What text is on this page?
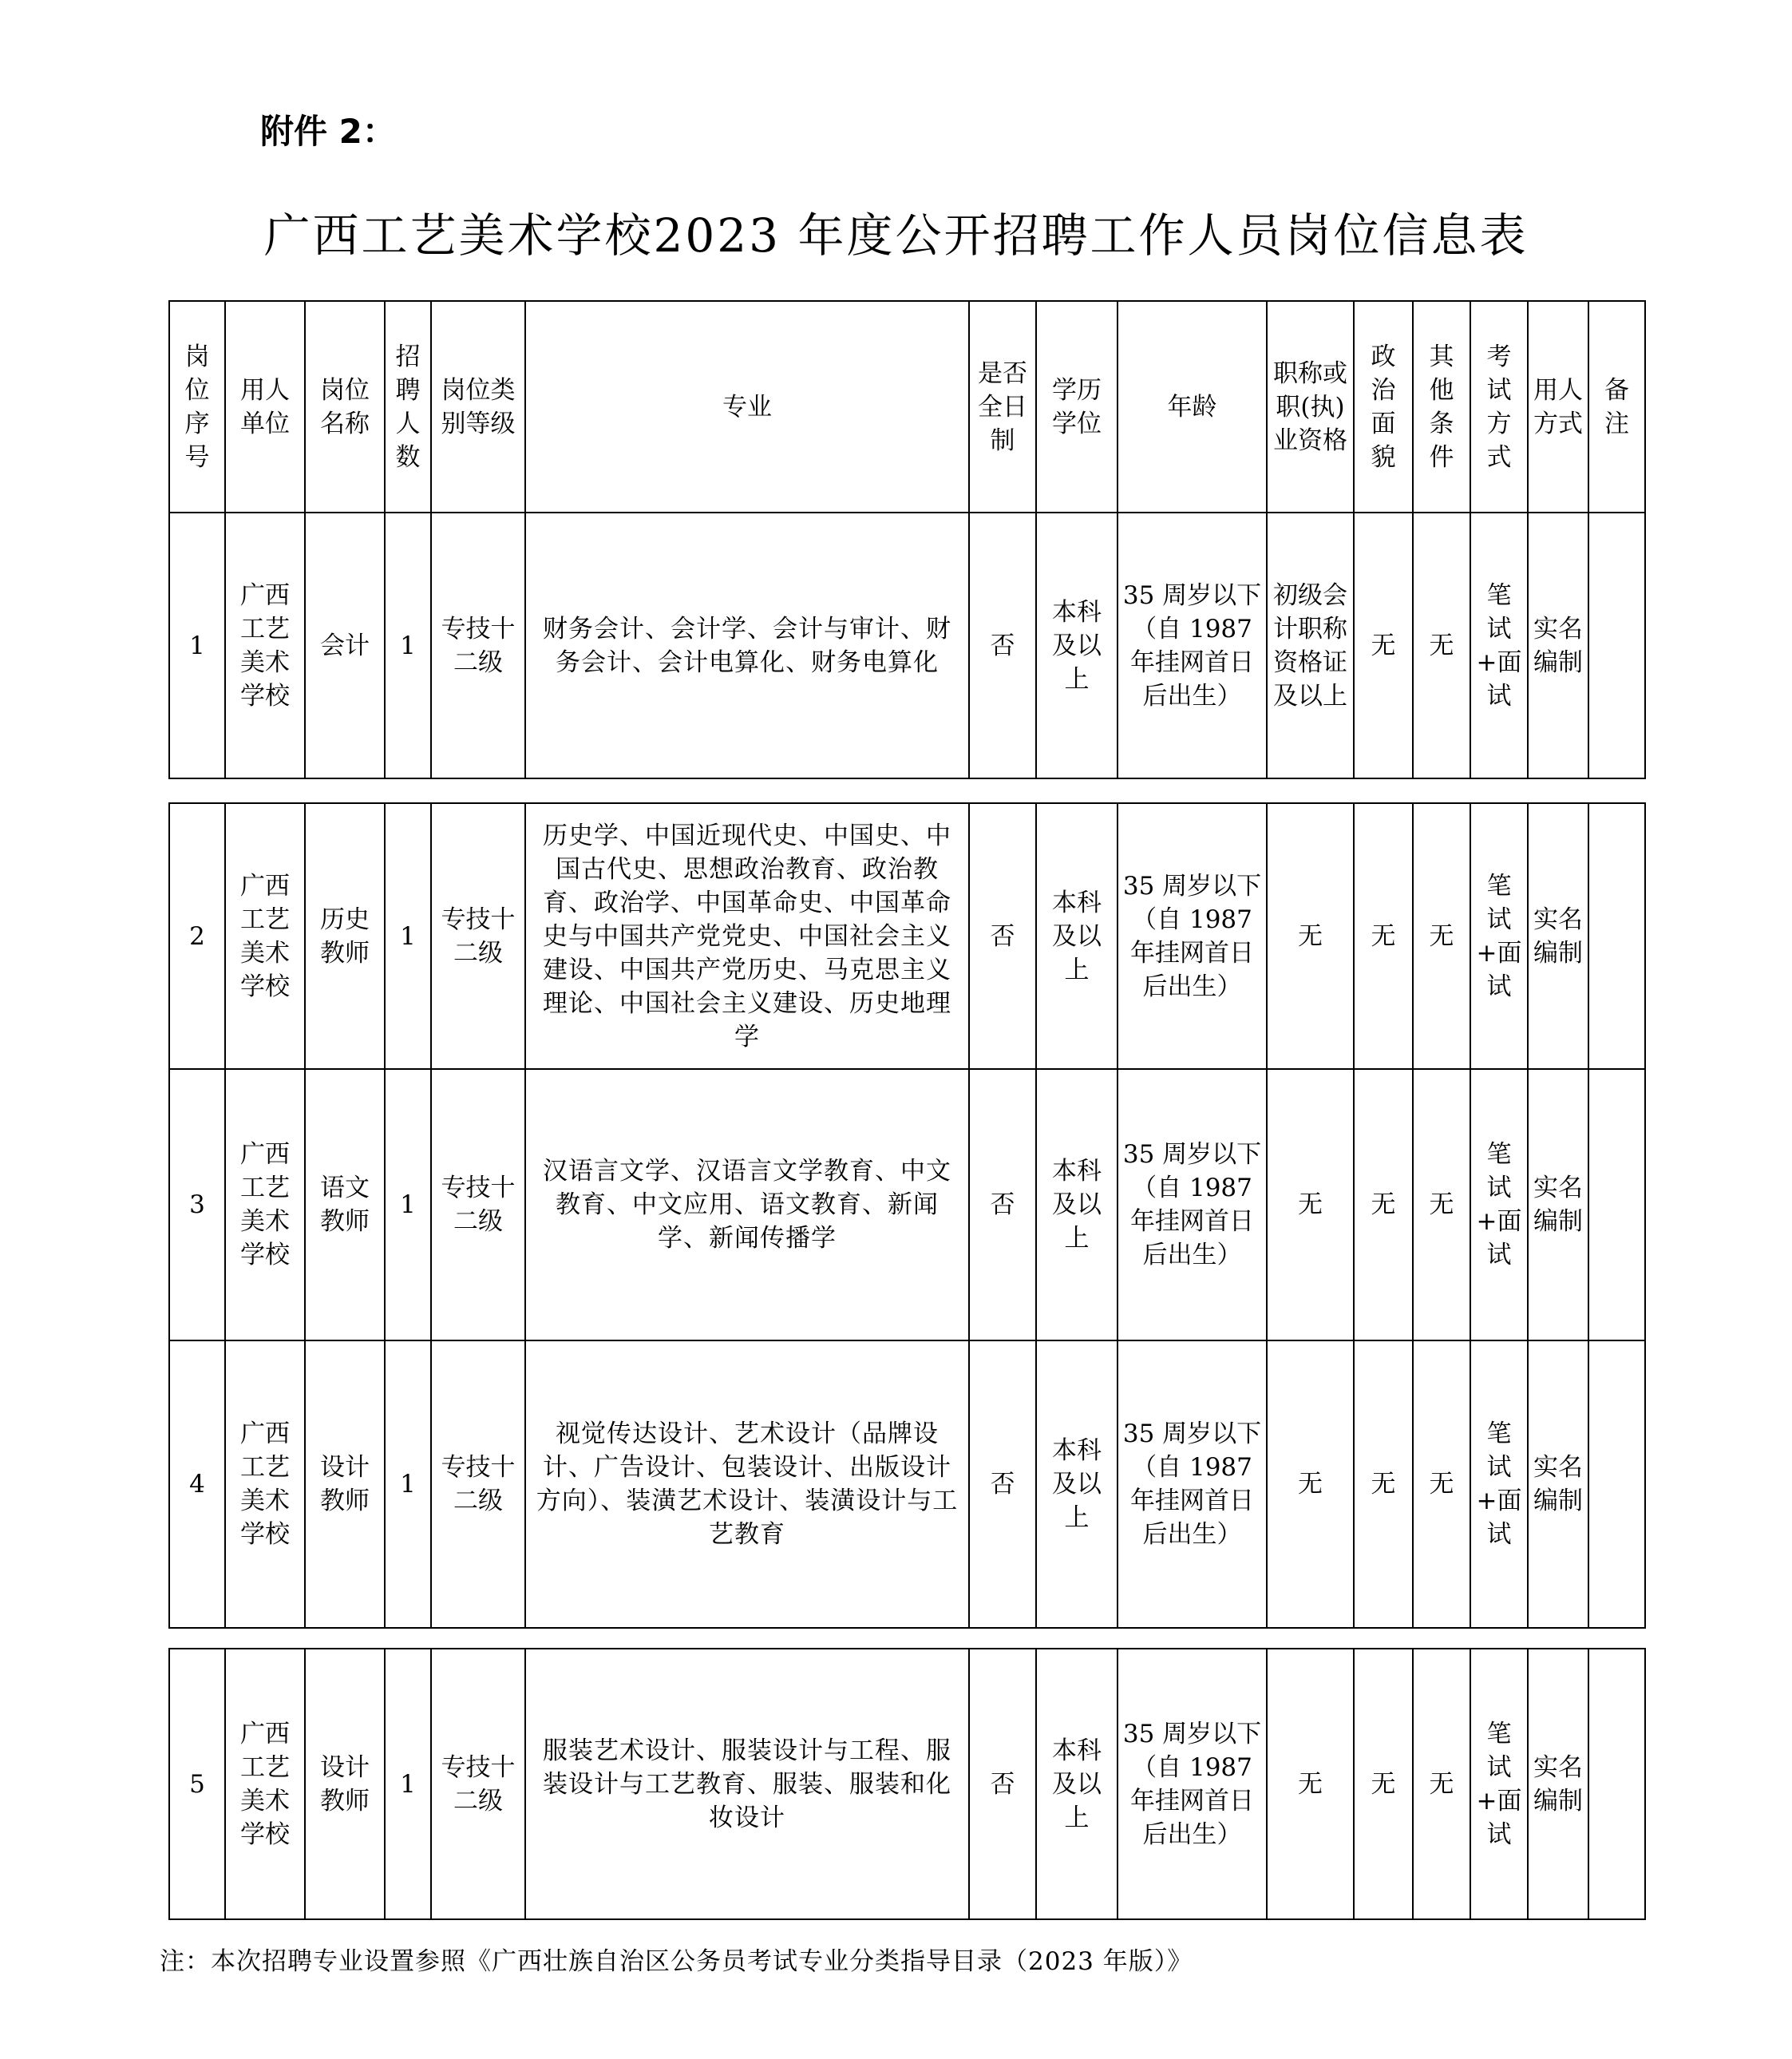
附件 2：
广西工艺美术学校2023 年度公开招聘工作人员岗位信息表
岗位序号	用人单位	岗位名称	招聘人数	岗位类别等级	专业	是否全日制	学历学位	年龄	职称或职(执)业资格	政治面貌	其他条件	考试方式	用人方式	备注
1	广西工艺美术学校	会计	1	专技十二级	财务会计、会计学、会计与审计、财务会计、会计电算化、财务电算化	否	本科及以上	35 周岁以下（自 1987 年挂网首日后出生）	初级会计职称资格证及以上	无	无	笔试+面试	实名编制	
2	广西工艺美术学校	历史教师	1	专技十二级	历史学、中国近现代史、中国史、中国古代史、思想政治教育、政治教育、政治学、中国革命史、中国革命史与中国共产党党史、中国社会主义建设、中国共产党历史、马克思主义理论、中国社会主义建设、历史地理学	否	本科及以上	35 周岁以下（自 1987 年挂网首日后出生）	无	无	无	笔试+面试	实名编制	
3	广西工艺美术学校	语文教师	1	专技十二级	汉语言文学、汉语言文学教育、中文教育、中文应用、语文教育、新闻学、新闻传播学	否	本科及以上	35 周岁以下（自 1987 年挂网首日后出生）	无	无	无	笔试+面试	实名编制	
4	广西工艺美术学校	设计教师	1	专技十二级	视觉传达设计、艺术设计（品牌设计、广告设计、包装设计、出版设计方向）、装潢艺术设计、装潢设计与工艺教育	否	本科及以上	35 周岁以下（自 1987 年挂网首日后出生）	无	无	无	笔试+面试	实名编制	
5	广西工艺美术学校	设计教师	1	专技十二级	服装艺术设计、服装设计与工程、服装设计与工艺教育、服装、服装和化妆设计	否	本科及以上	35 周岁以下（自 1987 年挂网首日后出生）	无	无	无	笔试+面试	实名编制	
注：本次招聘专业设置参照《广西壮族自治区公务员考试专业分类指导目录（2023 年版）》
